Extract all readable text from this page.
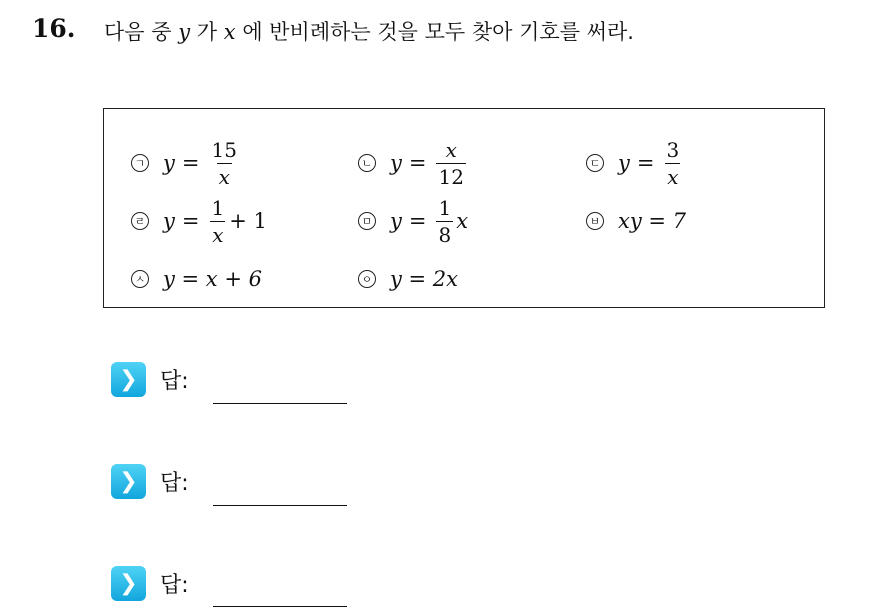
16. 다음 중 y 가 x 에 반비례하는 것을 모두 찾아 기호를 써라.
ㄱ $y = \frac{15}{x}$	ㄴ $y = \frac{x}{12}$	ㄷ $y = \frac{3}{x}$
ㄹ $y = \frac{1}{x} + 1$	ㅁ $y = \frac{1}{8}$ x	ㅂ xy = 7
ㅅ y = x + 6	ㅇ y = 2x
❯	답:
❯	답:
❯	답:
